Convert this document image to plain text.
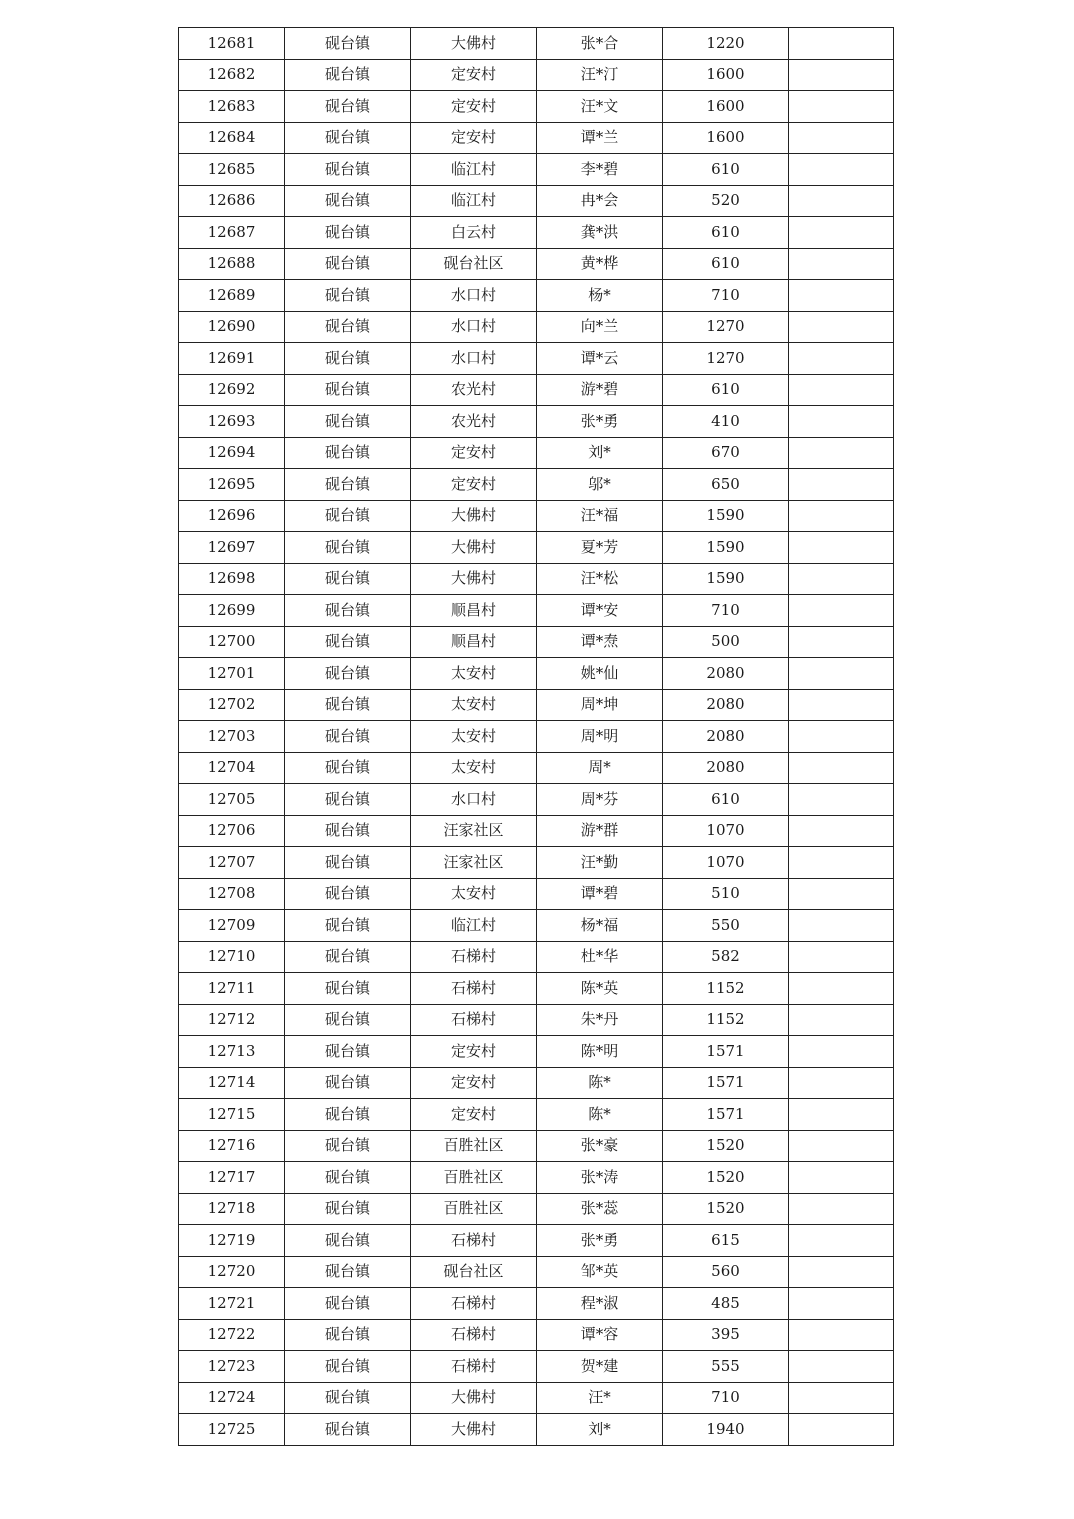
12681	砚台镇	大佛村	张*合	1220	
12682	砚台镇	定安村	汪*汀	1600	
12683	砚台镇	定安村	汪*文	1600	
12684	砚台镇	定安村	谭*兰	1600	
12685	砚台镇	临江村	李*碧	610	
12686	砚台镇	临江村	冉*会	520	
12687	砚台镇	白云村	龚*洪	610	
12688	砚台镇	砚台社区	黄*桦	610	
12689	砚台镇	水口村	杨*	710	
12690	砚台镇	水口村	向*兰	1270	
12691	砚台镇	水口村	谭*云	1270	
12692	砚台镇	农光村	游*碧	610	
12693	砚台镇	农光村	张*勇	410	
12694	砚台镇	定安村	刘*	670	
12695	砚台镇	定安村	邬*	650	
12696	砚台镇	大佛村	汪*福	1590	
12697	砚台镇	大佛村	夏*芳	1590	
12698	砚台镇	大佛村	汪*松	1590	
12699	砚台镇	顺昌村	谭*安	710	
12700	砚台镇	顺昌村	谭*焘	500	
12701	砚台镇	太安村	姚*仙	2080	
12702	砚台镇	太安村	周*坤	2080	
12703	砚台镇	太安村	周*明	2080	
12704	砚台镇	太安村	周*	2080	
12705	砚台镇	水口村	周*芬	610	
12706	砚台镇	汪家社区	游*群	1070	
12707	砚台镇	汪家社区	汪*勤	1070	
12708	砚台镇	太安村	谭*碧	510	
12709	砚台镇	临江村	杨*福	550	
12710	砚台镇	石梯村	杜*华	582	
12711	砚台镇	石梯村	陈*英	1152	
12712	砚台镇	石梯村	朱*丹	1152	
12713	砚台镇	定安村	陈*明	1571	
12714	砚台镇	定安村	陈*	1571	
12715	砚台镇	定安村	陈*	1571	
12716	砚台镇	百胜社区	张*豪	1520	
12717	砚台镇	百胜社区	张*涛	1520	
12718	砚台镇	百胜社区	张*蕊	1520	
12719	砚台镇	石梯村	张*勇	615	
12720	砚台镇	砚台社区	邹*英	560	
12721	砚台镇	石梯村	程*淑	485	
12722	砚台镇	石梯村	谭*容	395	
12723	砚台镇	石梯村	贺*建	555	
12724	砚台镇	大佛村	汪*	710	
12725	砚台镇	大佛村	刘*	1940	
